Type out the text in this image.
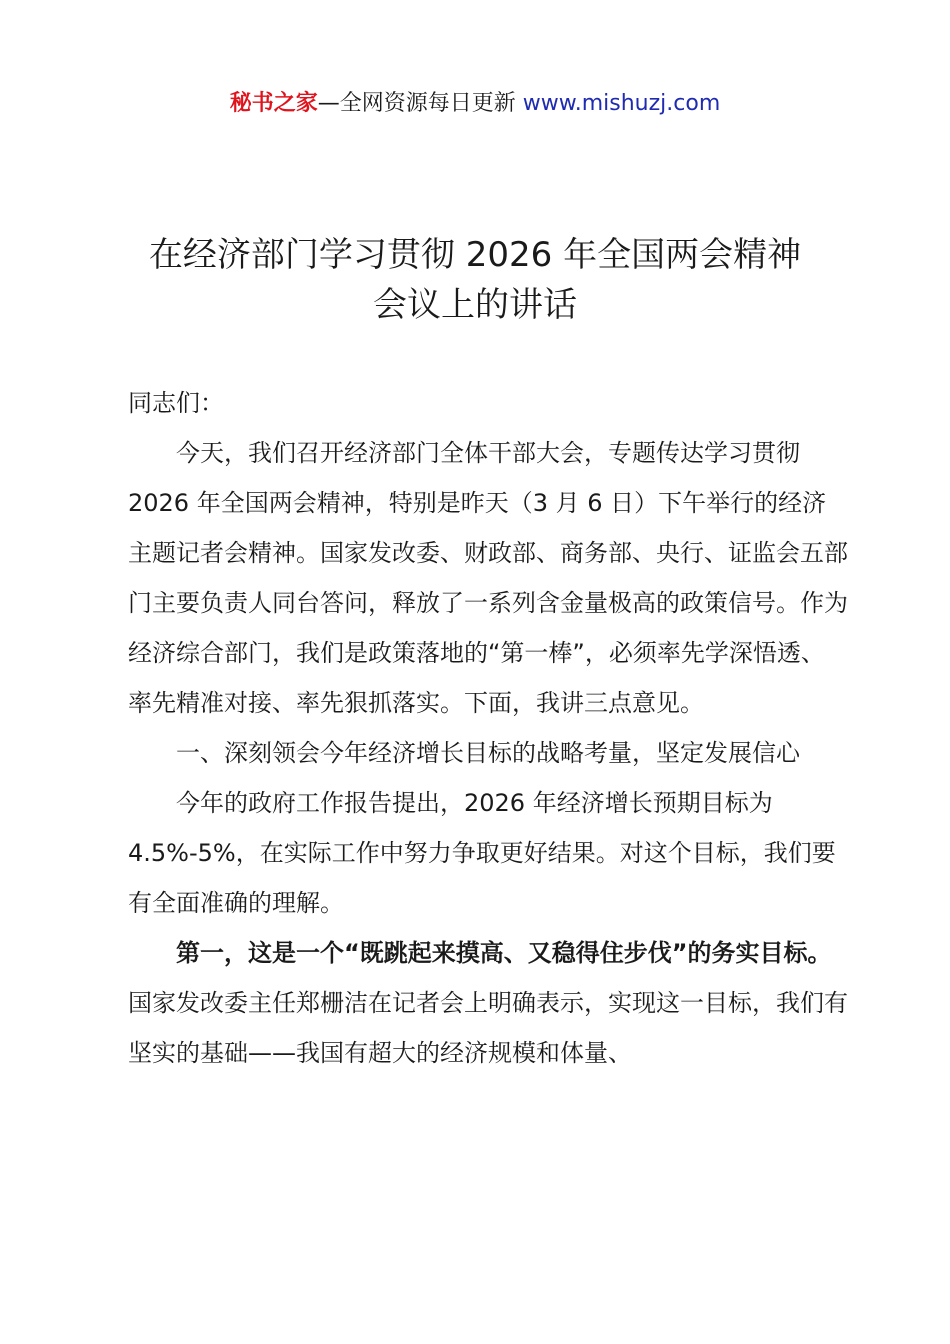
秘书之家—全网资源每日更新 www.mishuzj.com
在经济部门学习贯彻 2026 年全国两会精神
会议上的讲话

同志们：

今天，我们召开经济部门全体干部大会，专题传达学习贯彻 2026 年全国两会精神，特别是昨天（3 月 6 日）下午举行的经济主题记者会精神。国家发改委、财政部、商务部、央行、证监会五部门主要负责人同台答问，释放了一系列含金量极高的政策信号。作为经济综合部门，我们是政策落地的“第一棒”，必须率先学深悟透、率先精准对接、率先狠抓落实。下面，我讲三点意见。

一、深刻领会今年经济增长目标的战略考量，坚定发展信心

今年的政府工作报告提出，2026 年经济增长预期目标为 4.5%-5%，在实际工作中努力争取更好结果。对这个目标，我们要有全面准确的理解。

第一，这是一个“既跳起来摸高、又稳得住步伐”的务实目标。国家发改委主任郑栅洁在记者会上明确表示，实现这一目标，我们有坚实的基础——我国有超大的经济规模和体量、
